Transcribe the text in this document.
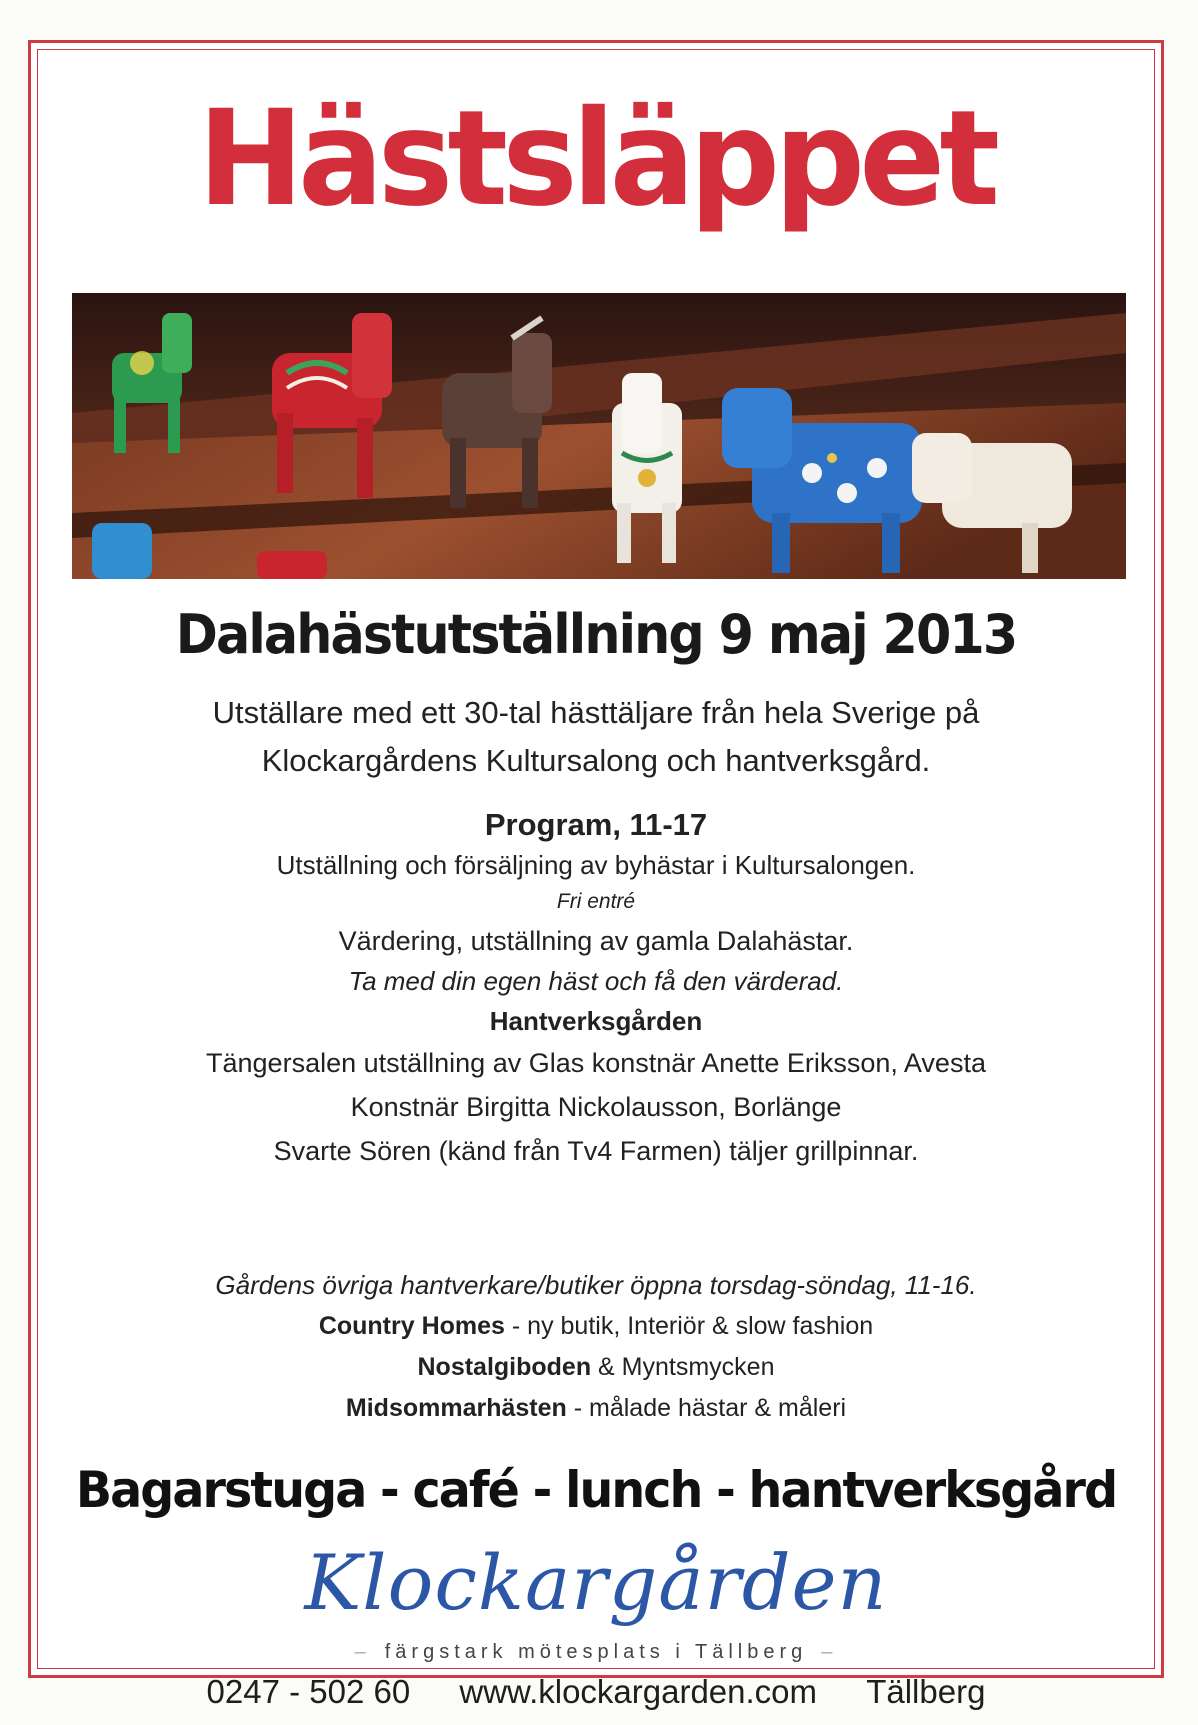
Hästsläppet
Dalahästutställning 9 maj 2013
Utställare med ett 30-tal hästtäljare från hela Sverige på
Klockargårdens Kultursalong och hantverksgård.
Program, 11-17
Utställning och försäljning av byhästar i Kultursalongen.
Fri entré
Värdering, utställning av gamla Dalahästar.
Ta med din egen häst och få den värderad.
Hantverksgården
Tängersalen utställning av Glas konstnär Anette Eriksson, Avesta
Konstnär Birgitta Nickolausson, Borlänge
Svarte Sören (känd från Tv4 Farmen) täljer grillpinnar.
Gårdens övriga hantverkare/butiker öppna torsdag-söndag, 11-16.
Country Homes - ny butik, Interiör & slow fashion
Nostalgiboden & Myntsmycken
Midsommarhästen - målade hästar & måleri
Bagarstuga - café - lunch - hantverksgård
Klockargården
– färgstark mötesplats i Tällberg –
0247 - 502 60 www.klockargarden.com Tällberg
